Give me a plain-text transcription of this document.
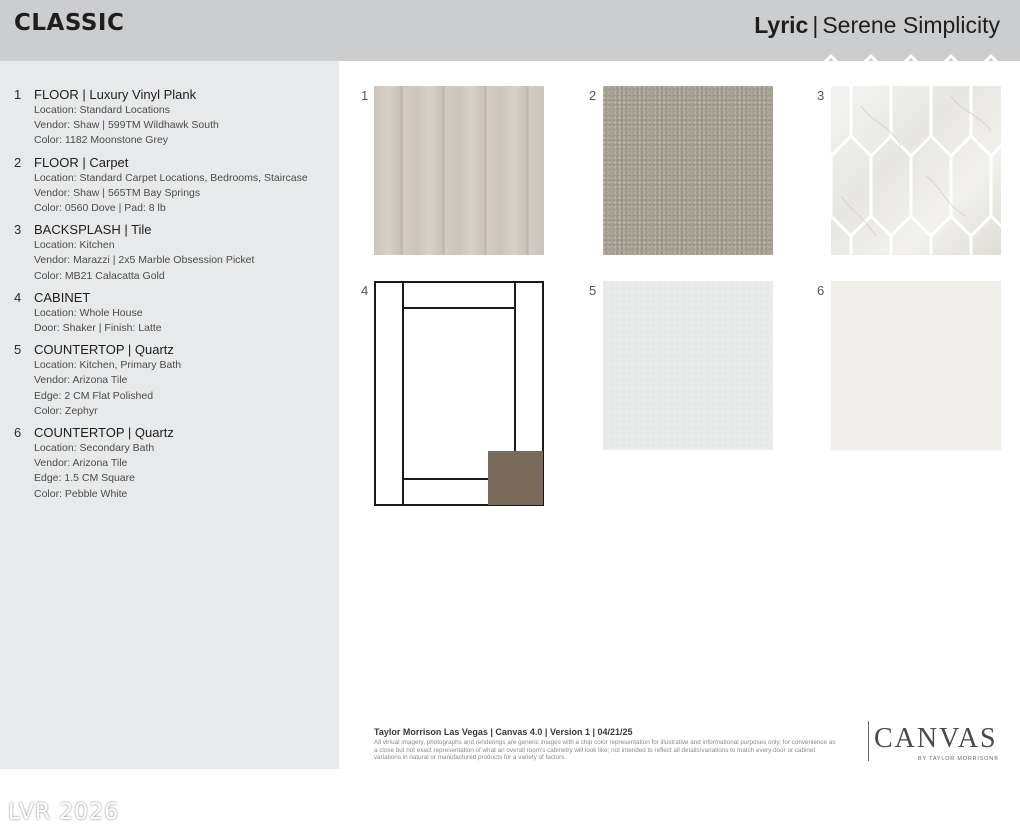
CLASSIC	Lyric | Serene Simplicity
1 FLOOR | Luxury Vinyl Plank
Location: Standard Locations
Vendor: Shaw | 599TM Wildhawk South
Color: 1182 Moonstone Grey
2 FLOOR | Carpet
Location: Standard Carpet Locations, Bedrooms, Staircase
Vendor: Shaw | 565TM Bay Springs
Color: 0560 Dove | Pad: 8 lb
3 BACKSPLASH | Tile
Location: Kitchen
Vendor: Marazzi | 2x5 Marble Obsession Picket
Color: MB21 Calacatta Gold
4 CABINET
Location: Whole House
Door: Shaker | Finish: Latte
5 COUNTERTOP | Quartz
Location: Kitchen, Primary Bath
Vendor: Arizona Tile
Edge: 2 CM Flat Polished
Color: Zephyr
6 COUNTERTOP | Quartz
Location: Secondary Bath
Vendor: Arizona Tile
Edge: 1.5 CM Square
Color: Pebble White
LVR 2026
1	2	3
4	5	6
Taylor Morrison Las Vegas | Canvas 4.0 | Version 1 | 04/21/25
All virtual imagery, photographs and renderings are generic images with a chip color representation for illustrative and informational purposes only, for convenience as a close but not exact representation of what an overall room's cabinetry will look like; not intended to reflect all details/variations to match every door or cabinet variations in natural or manufactured products for a variety of factors.
CANVAS
BY TAYLOR MORRISON®
